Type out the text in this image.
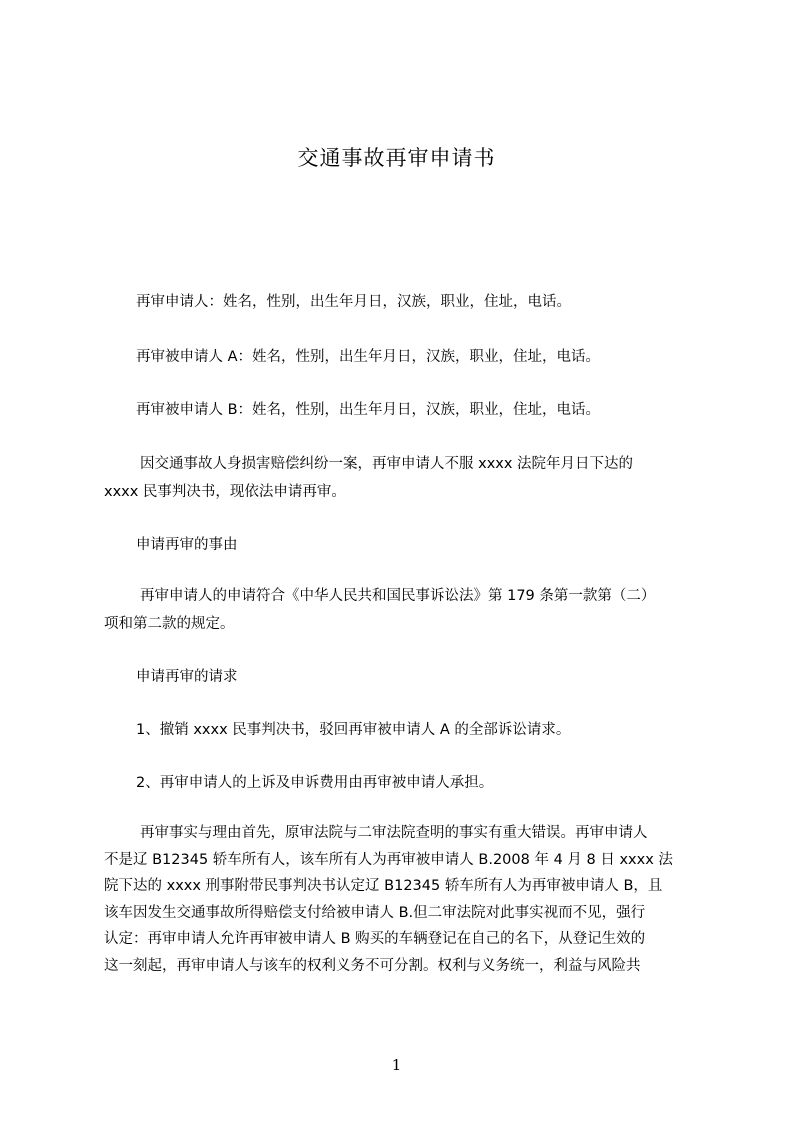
交通事故再审申请书
再审申请人：姓名，性别，出生年月日，汉族，职业，住址，电话。
再审被申请人 A：姓名，性别，出生年月日，汉族，职业，住址，电话。
再审被申请人 B：姓名，性别，出生年月日，汉族，职业，住址，电话。
因交通事故人身损害赔偿纠纷一案，再审申请人不服 xxxx 法院年月日下达的
xxxx 民事判决书，现依法申请再审。
申请再审的事由
再审申请人的申请符合《中华人民共和国民事诉讼法》第 179 条第一款第（二）
项和第二款的规定。
申请再审的请求
1、撤销 xxxx 民事判决书，驳回再审被申请人 A 的全部诉讼请求。
2、再审申请人的上诉及申诉费用由再审被申请人承担。
再审事实与理由首先，原审法院与二审法院查明的事实有重大错误。再审申请人
不是辽 B12345 轿车所有人，该车所有人为再审被申请人 B.2008 年 4 月 8 日 xxxx 法
院下达的 xxxx 刑事附带民事判决书认定辽 B12345 轿车所有人为再审被申请人 B，且
该车因发生交通事故所得赔偿支付给被申请人 B.但二审法院对此事实视而不见，强行
认定：再审申请人允许再审被申请人 B 购买的车辆登记在自己的名下，从登记生效的
这一刻起，再审申请人与该车的权利义务不可分割。权利与义务统一，利益与风险共
1
